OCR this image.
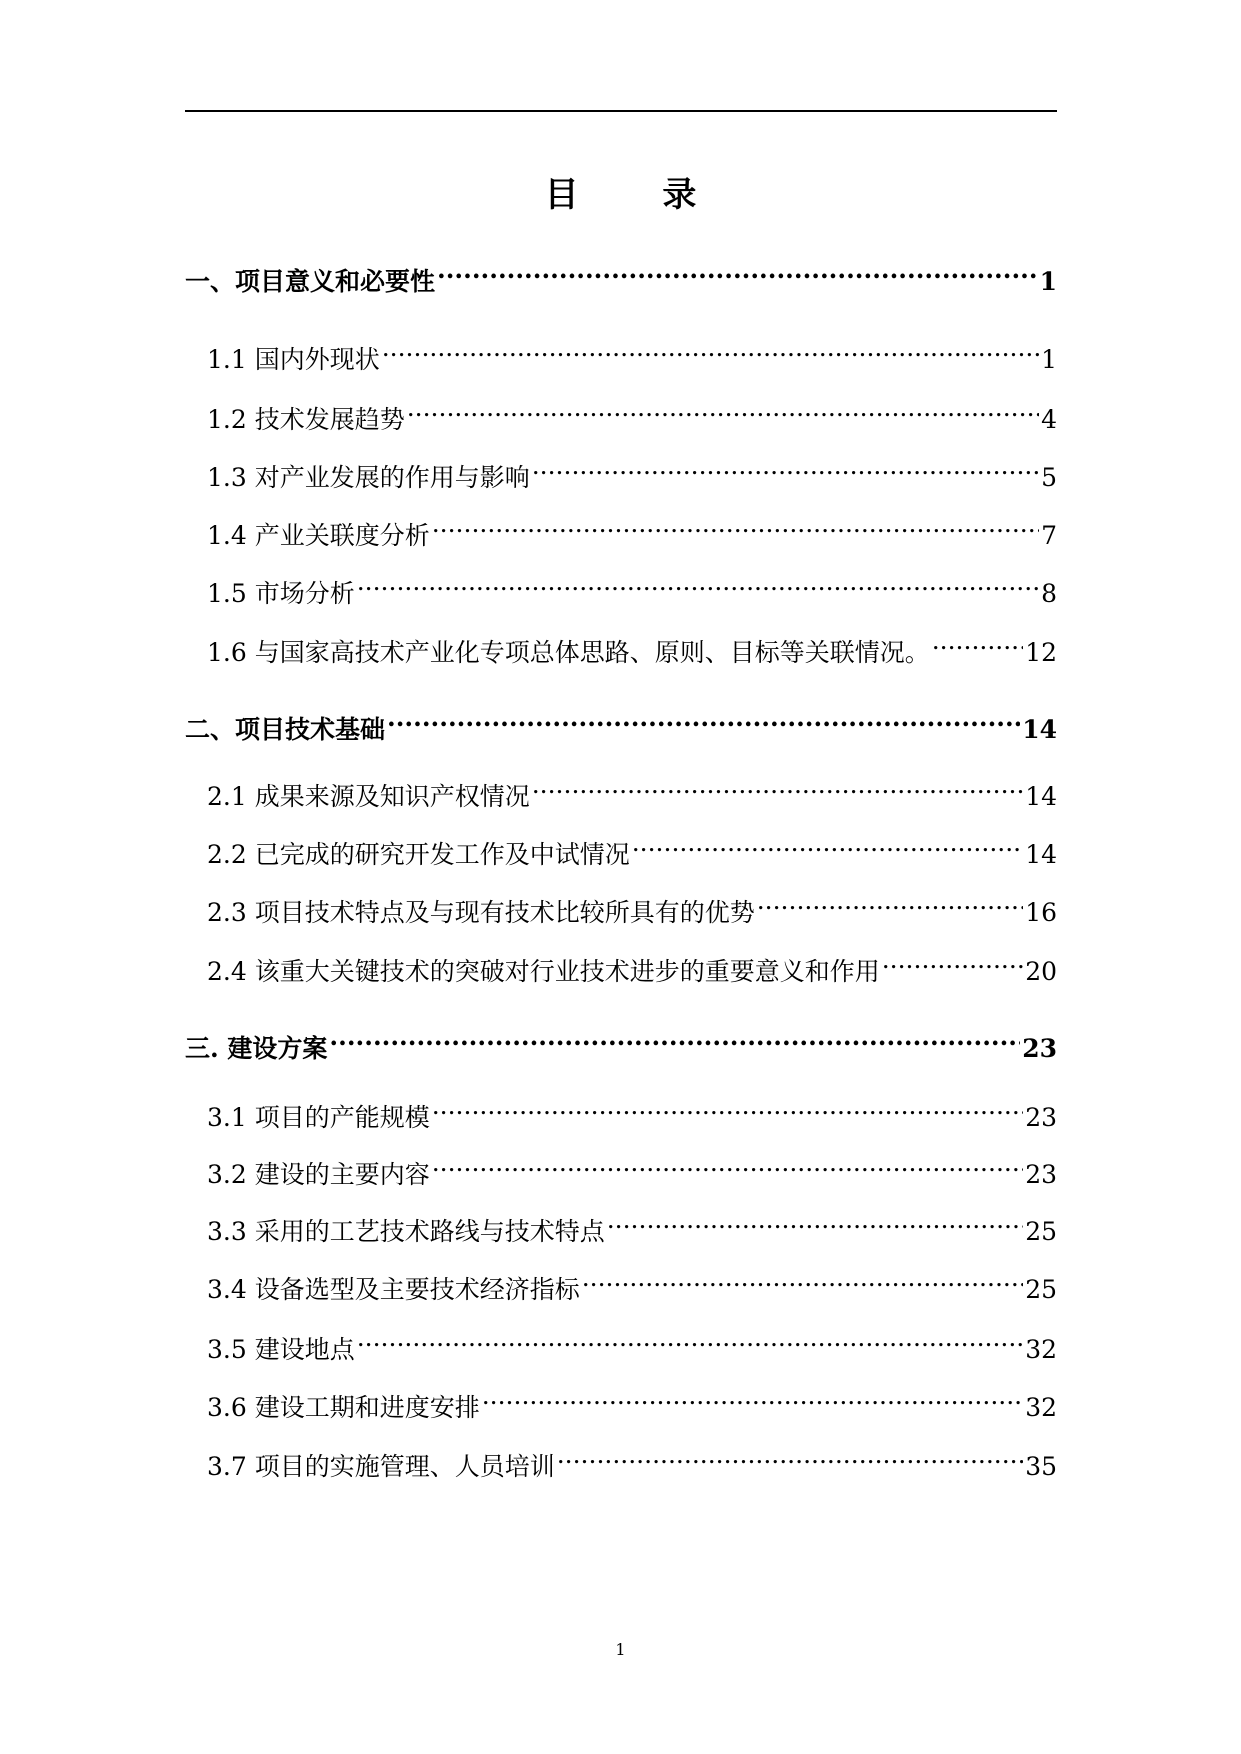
目 录
一、项目意义和必要性 .....	1
1.1 国内外现状 .....	1
1.2 技术发展趋势 .....	4
1.3 对产业发展的作用与影响 .....	5
1.4 产业关联度分析 .....	7
1.5 市场分析 .....	8
1.6 与国家高技术产业化专项总体思路、原则、目标等关联情况。 .....	12
二、项目技术基础 .....	14
2.1 成果来源及知识产权情况 .....	14
2.2 已完成的研究开发工作及中试情况 .....	14
2.3 项目技术特点及与现有技术比较所具有的优势 .....	16
2.4 该重大关键技术的突破对行业技术进步的重要意义和作用 .....	20
三. 建设方案 .....	23
3.1 项目的产能规模 .....	23
3.2 建设的主要内容 .....	23
3.3 采用的工艺技术路线与技术特点 .....	25
3.4 设备选型及主要技术经济指标 .....	25
3.5 建设地点 .....	32
3.6 建设工期和进度安排 .....	32
3.7 项目的实施管理、人员培训 .....	35
1
